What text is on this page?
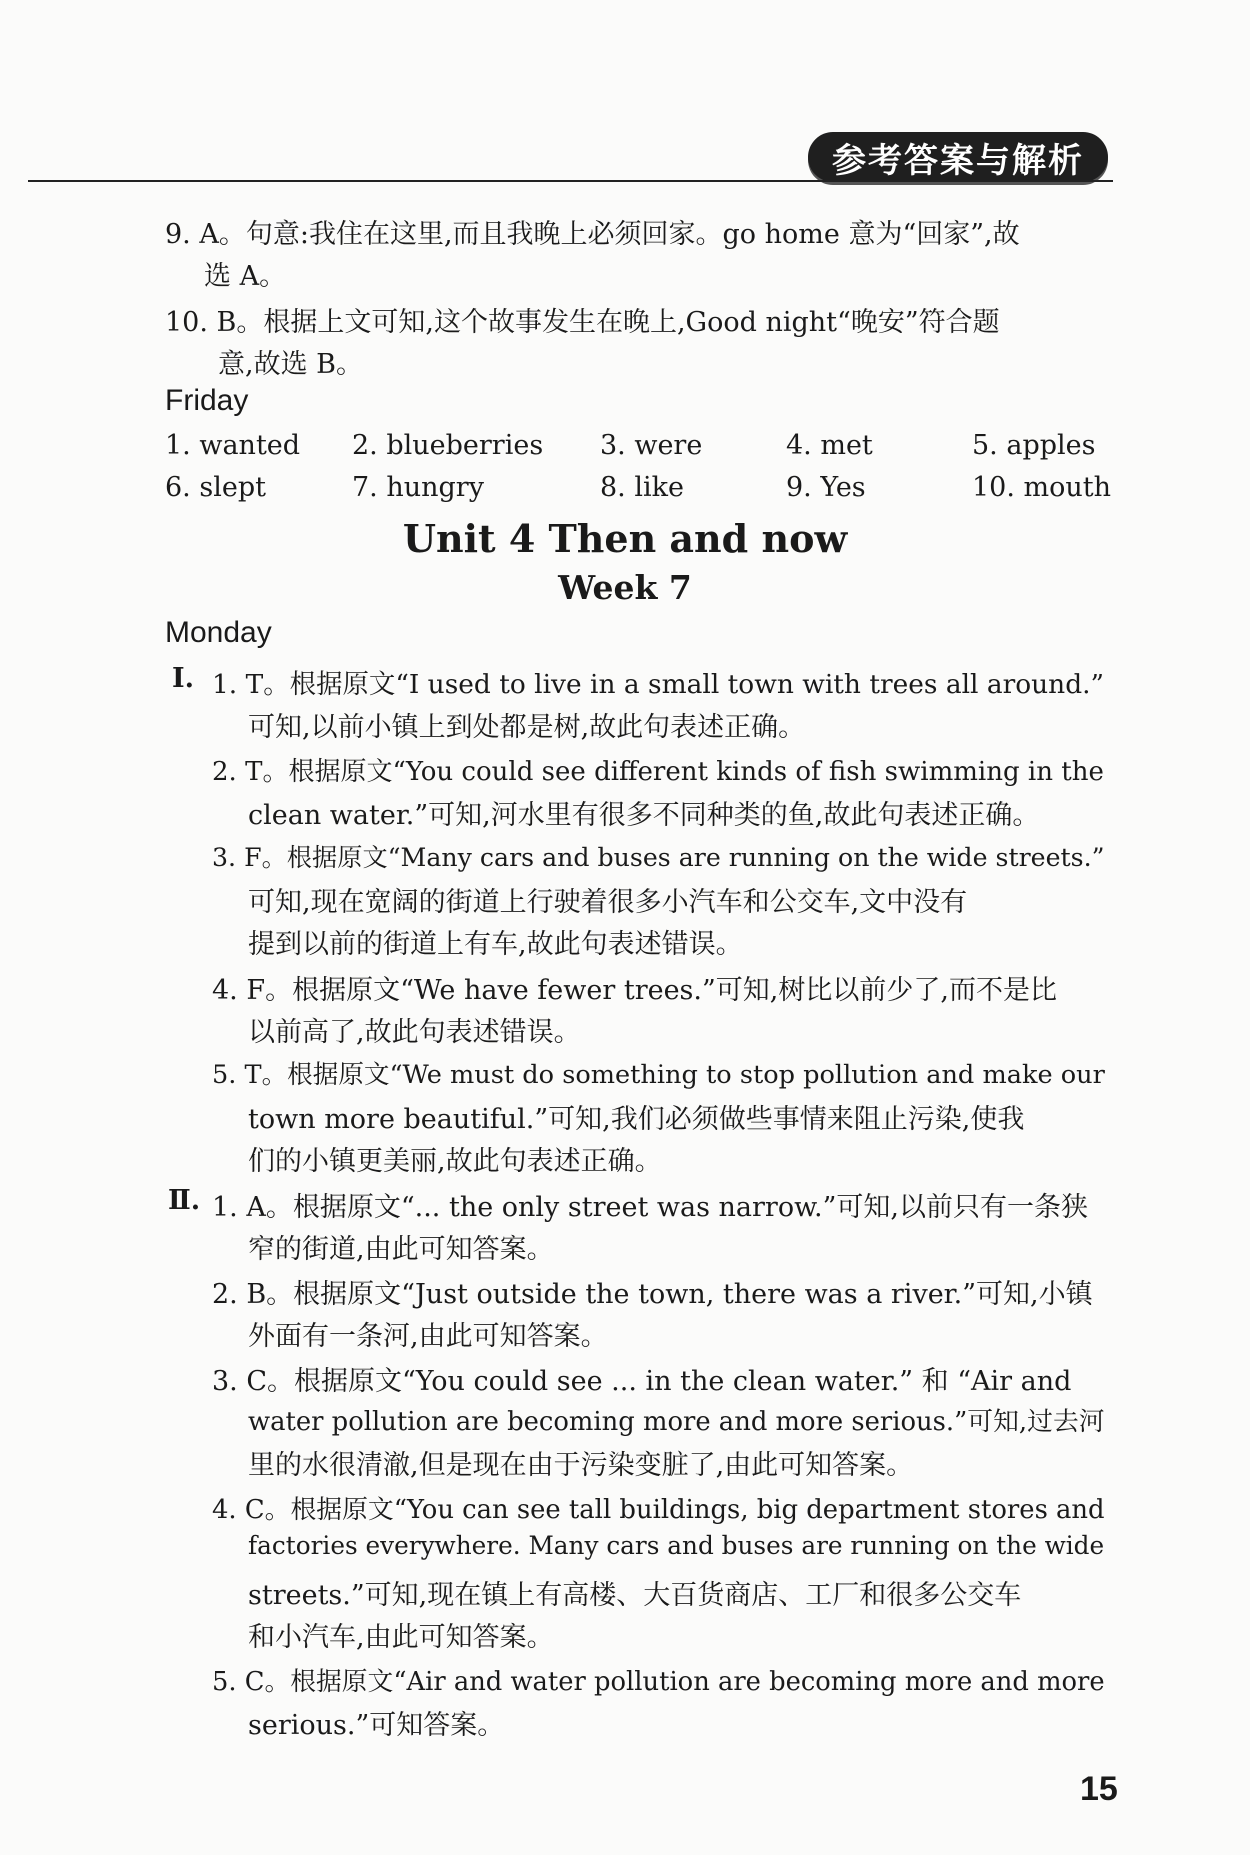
参考答案与解析
9. A。句意:我住在这里,而且我晚上必须回家。go home 意为“回家”,故
选 A。
10. B。根据上文可知,这个故事发生在晚上,Good night“晚安”符合题
意,故选 B。
Friday
1. wanted 2. blueberries 3. were	4. met	5. apples
6. slept	7. hungry	8. like	9. Yes	10. mouth
Unit 4 Then and now
Week 7
Monday
Ⅰ. 1. T。根据原文“I used to live in a small town with trees all around.”
可知,以前小镇上到处都是树,故此句表述正确。
2. T。根据原文“You could see different kinds of fish swimming in the
clean water.”可知,河水里有很多不同种类的鱼,故此句表述正确。
3. F。根据原文“Many cars and buses are running on the wide streets.”
可知,现在宽阔的街道上行驶着很多小汽车和公交车,文中没有
提到以前的街道上有车,故此句表述错误。
4. F。根据原文“We have fewer trees.”可知,树比以前少了,而不是比
以前高了,故此句表述错误。
5. T。根据原文“We must do something to stop pollution and make our
town more beautiful.”可知,我们必须做些事情来阻止污染,使我
们的小镇更美丽,故此句表述正确。
Ⅱ. 1. A。根据原文“... the only street was narrow.”可知,以前只有一条狭
窄的街道,由此可知答案。
2. B。根据原文“Just outside the town, there was a river.”可知,小镇
外面有一条河,由此可知答案。
3. C。根据原文“You could see ... in the clean water.” 和 “Air and
water pollution are becoming more and more serious.”可知,过去河
里的水很清澈,但是现在由于污染变脏了,由此可知答案。
4. C。根据原文“You can see tall buildings, big department stores and
factories everywhere. Many cars and buses are running on the wide
streets.”可知,现在镇上有高楼、大百货商店、工厂和很多公交车
和小汽车,由此可知答案。
5. C。根据原文“Air and water pollution are becoming more and more
serious.”可知答案。
15
